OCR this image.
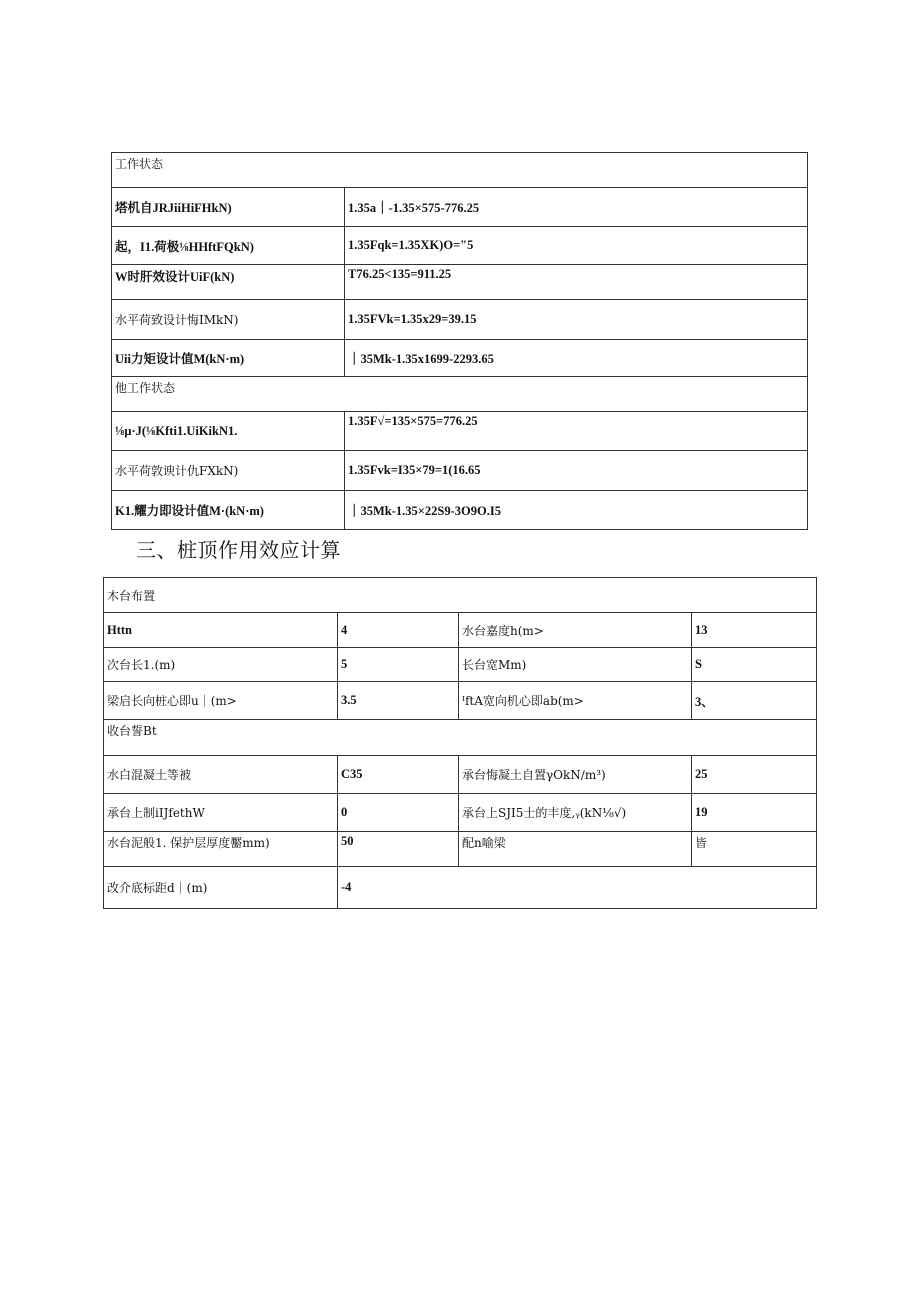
工作状态	
塔机自JRJiiHiFHkN)	1.35a｜-1.35×575-776.25
起，I1.荷极⅛HHftFQkN)	1.35Fqk=1.35XK)O="5
W时肝效设计UiF(kN)	T76.25<135=911.25
水平荷致设计悔IMkN)	1.35FVk=1.35x29=39.15
Uii力矩设计值M(kN·m)	｜35Mk-1.35x1699-2293.65
他工作状态	
⅛μ·J(⅛Kfti1.UiKikN1.	1.35F√=135×575=776.25
水平荷敦谀计仇FXkN)	1.35Fvk=I35×79=1(16.65
K1.耀力即设计值M·(kN·m)	｜35Mk-1.35×22S9-3O9O.I5
三、桩顶作用效应计算
木台布置			
Httn	4	水台嘉度h(m>	13
次台长1.(m)	5	长台宽Mm)	S
梁启长向桩心即u｜(m>	3.5	ᴵftA宽向机心即ab(m>	3、
收台誓Bt			
水白混凝土等被	C35	承台悔凝土自置γOkN∕m³)	25
承台上制iIJfethW	0	承台上SJI5士的丰度,ᵧ(kN⅛√)	19
水台泥般1. 保护层厚度靨mm)	50	配n喻梁	皆
改介底标距d｜(m)	-4		
